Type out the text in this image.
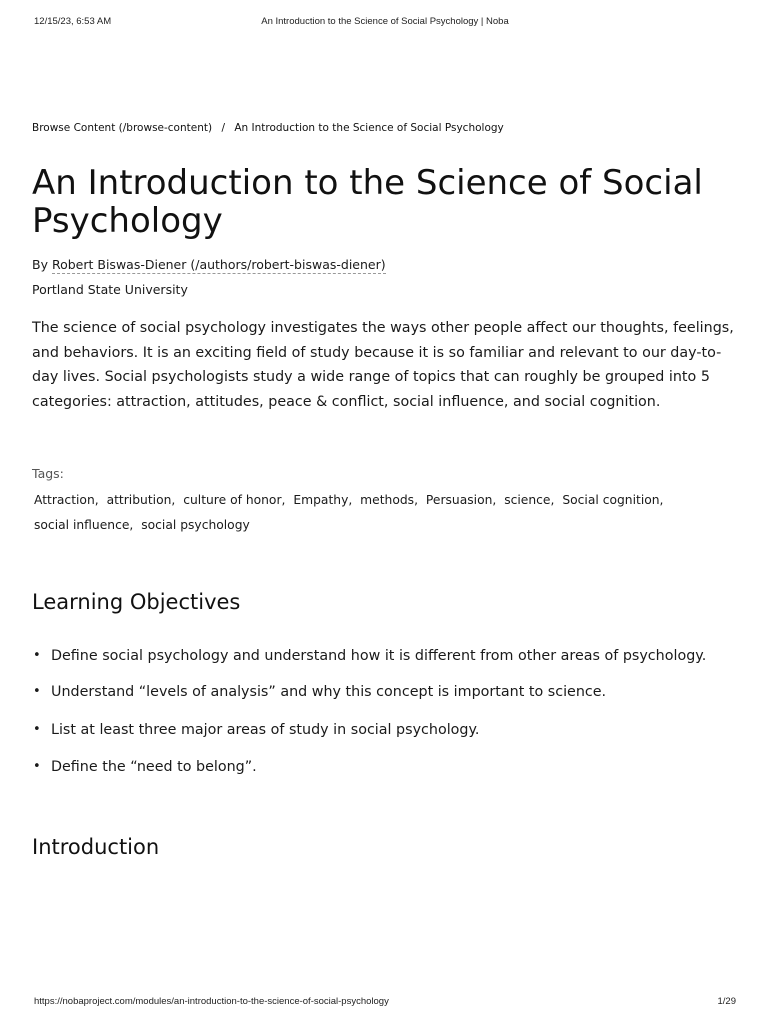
12/15/23, 6:53 AM	An Introduction to the Science of Social Psychology | Noba
Browse Content (/browse-content) / An Introduction to the Science of Social Psychology
An Introduction to the Science of Social Psychology
By Robert Biswas-Diener (/authors/robert-biswas-diener)
Portland State University

The science of social psychology investigates the ways other people affect our thoughts, feelings, and behaviors. It is an exciting field of study because it is so familiar and relevant to our day-to-day lives. Social psychologists study a wide range of topics that can roughly be grouped into 5 categories: attraction, attitudes, peace & conflict, social influence, and social cognition.

Tags:
Attraction, attribution, culture of honor, Empathy, methods, Persuasion, science, Social cognition,
social influence, social psychology
Learning Objectives
• Define social psychology and understand how it is different from other areas of psychology.
• Understand “levels of analysis” and why this concept is important to science.
• List at least three major areas of study in social psychology.
• Define the “need to belong”.
Introduction
https://nobaproject.com/modules/an-introduction-to-the-science-of-social-psychology	1/29
